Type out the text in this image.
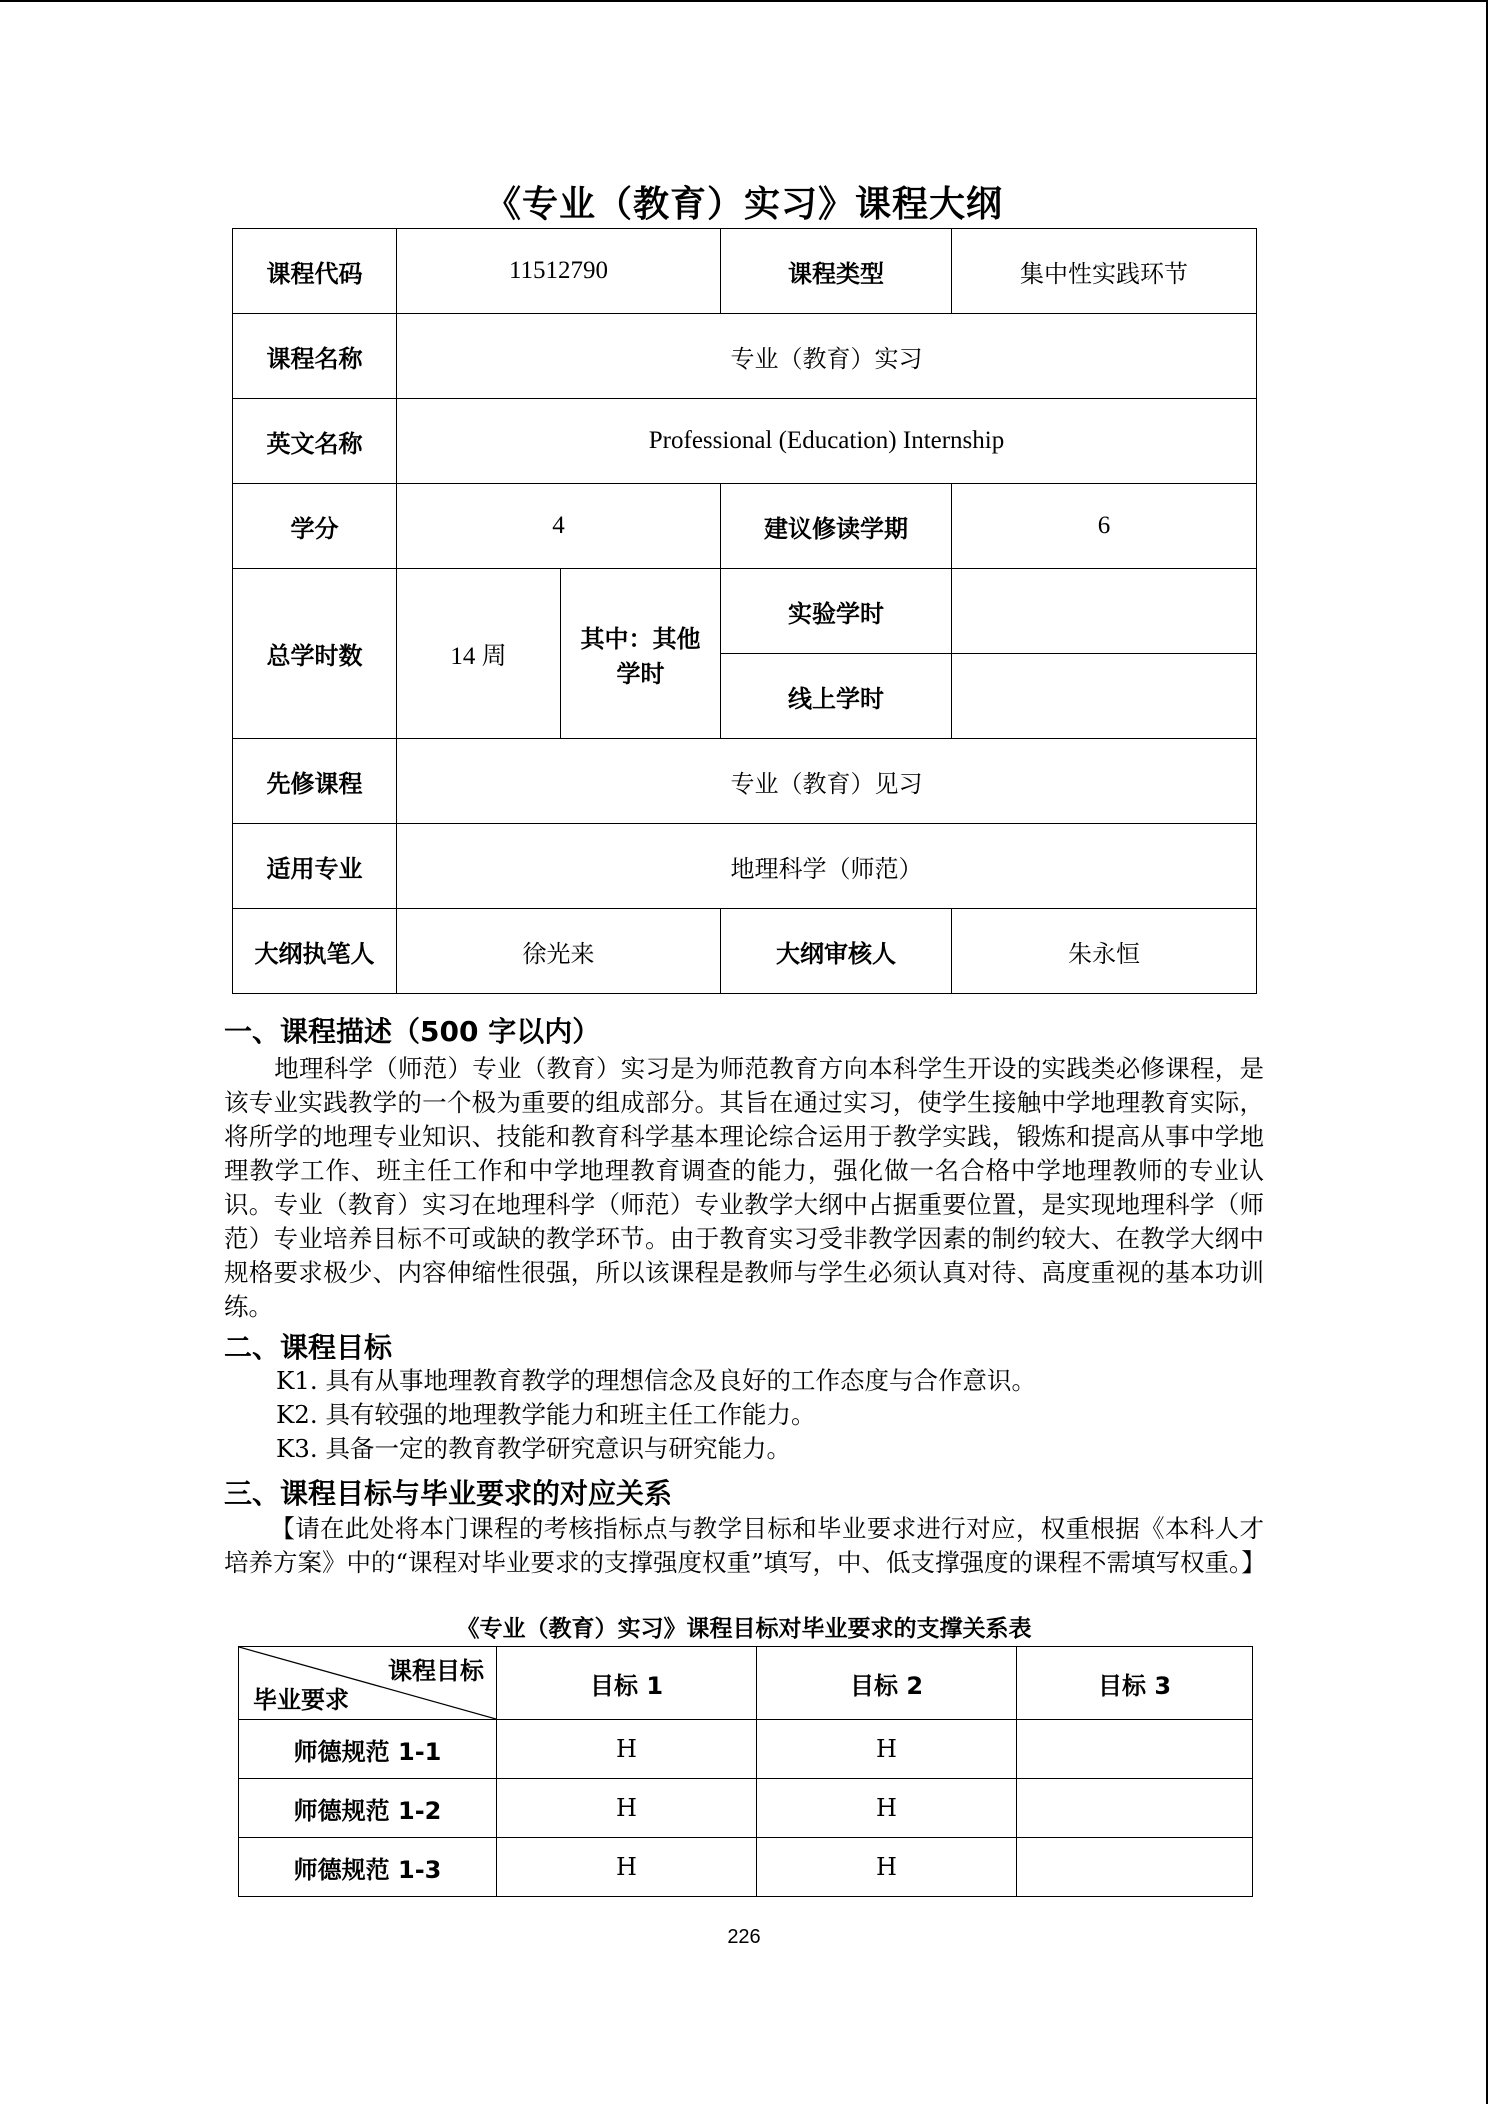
《专业（教育）实习》课程大纲
课程代码	11512790		课程类型	集中性实践环节
课程名称	专业（教育）实习			
英文名称	Professional (Education) Internship			
学分	4		建议修读学期	6
总学时数	14 周	其中：其他学时	实验学时	
			线上学时	
先修课程	专业（教育）见习			
适用专业	地理科学（师范）			
大纲执笔人	徐光来		大纲审核人	朱永恒
一、课程描述（500 字以内）
地理科学（师范）专业（教育）实习是为师范教育方向本科学生开设的实践类必修课程，是该专业实践教学的一个极为重要的组成部分。其旨在通过实习，使学生接触中学地理教育实际，将所学的地理专业知识、技能和教育科学基本理论综合运用于教学实践，锻炼和提高从事中学地理教学工作、班主任工作和中学地理教育调查的能力，强化做一名合格中学地理教师的专业认识。专业（教育）实习在地理科学（师范）专业教学大纲中占据重要位置，是实现地理科学（师范）专业培养目标不可或缺的教学环节。由于教育实习受非教学因素的制约较大、在教学大纲中规格要求极少、内容伸缩性很强，所以该课程是教师与学生必须认真对待、高度重视的基本功训练。
二、课程目标
K1. 具有从事地理教育教学的理想信念及良好的工作态度与合作意识。
K2. 具有较强的地理教学能力和班主任工作能力。
K3. 具备一定的教育教学研究意识与研究能力。
三、课程目标与毕业要求的对应关系
【请在此处将本门课程的考核指标点与教学目标和毕业要求进行对应，权重根据《本科人才培养方案》中的“课程对毕业要求的支撑强度权重”填写，中、低支撑强度的课程不需填写权重。】
《专业（教育）实习》课程目标对毕业要求的支撑关系表
课程目标
毕业要求	目标 1	目标 2	目标 3
师德规范 1-1	H	H	
师德规范 1-2	H	H	
师德规范 1-3	H	H	
226
